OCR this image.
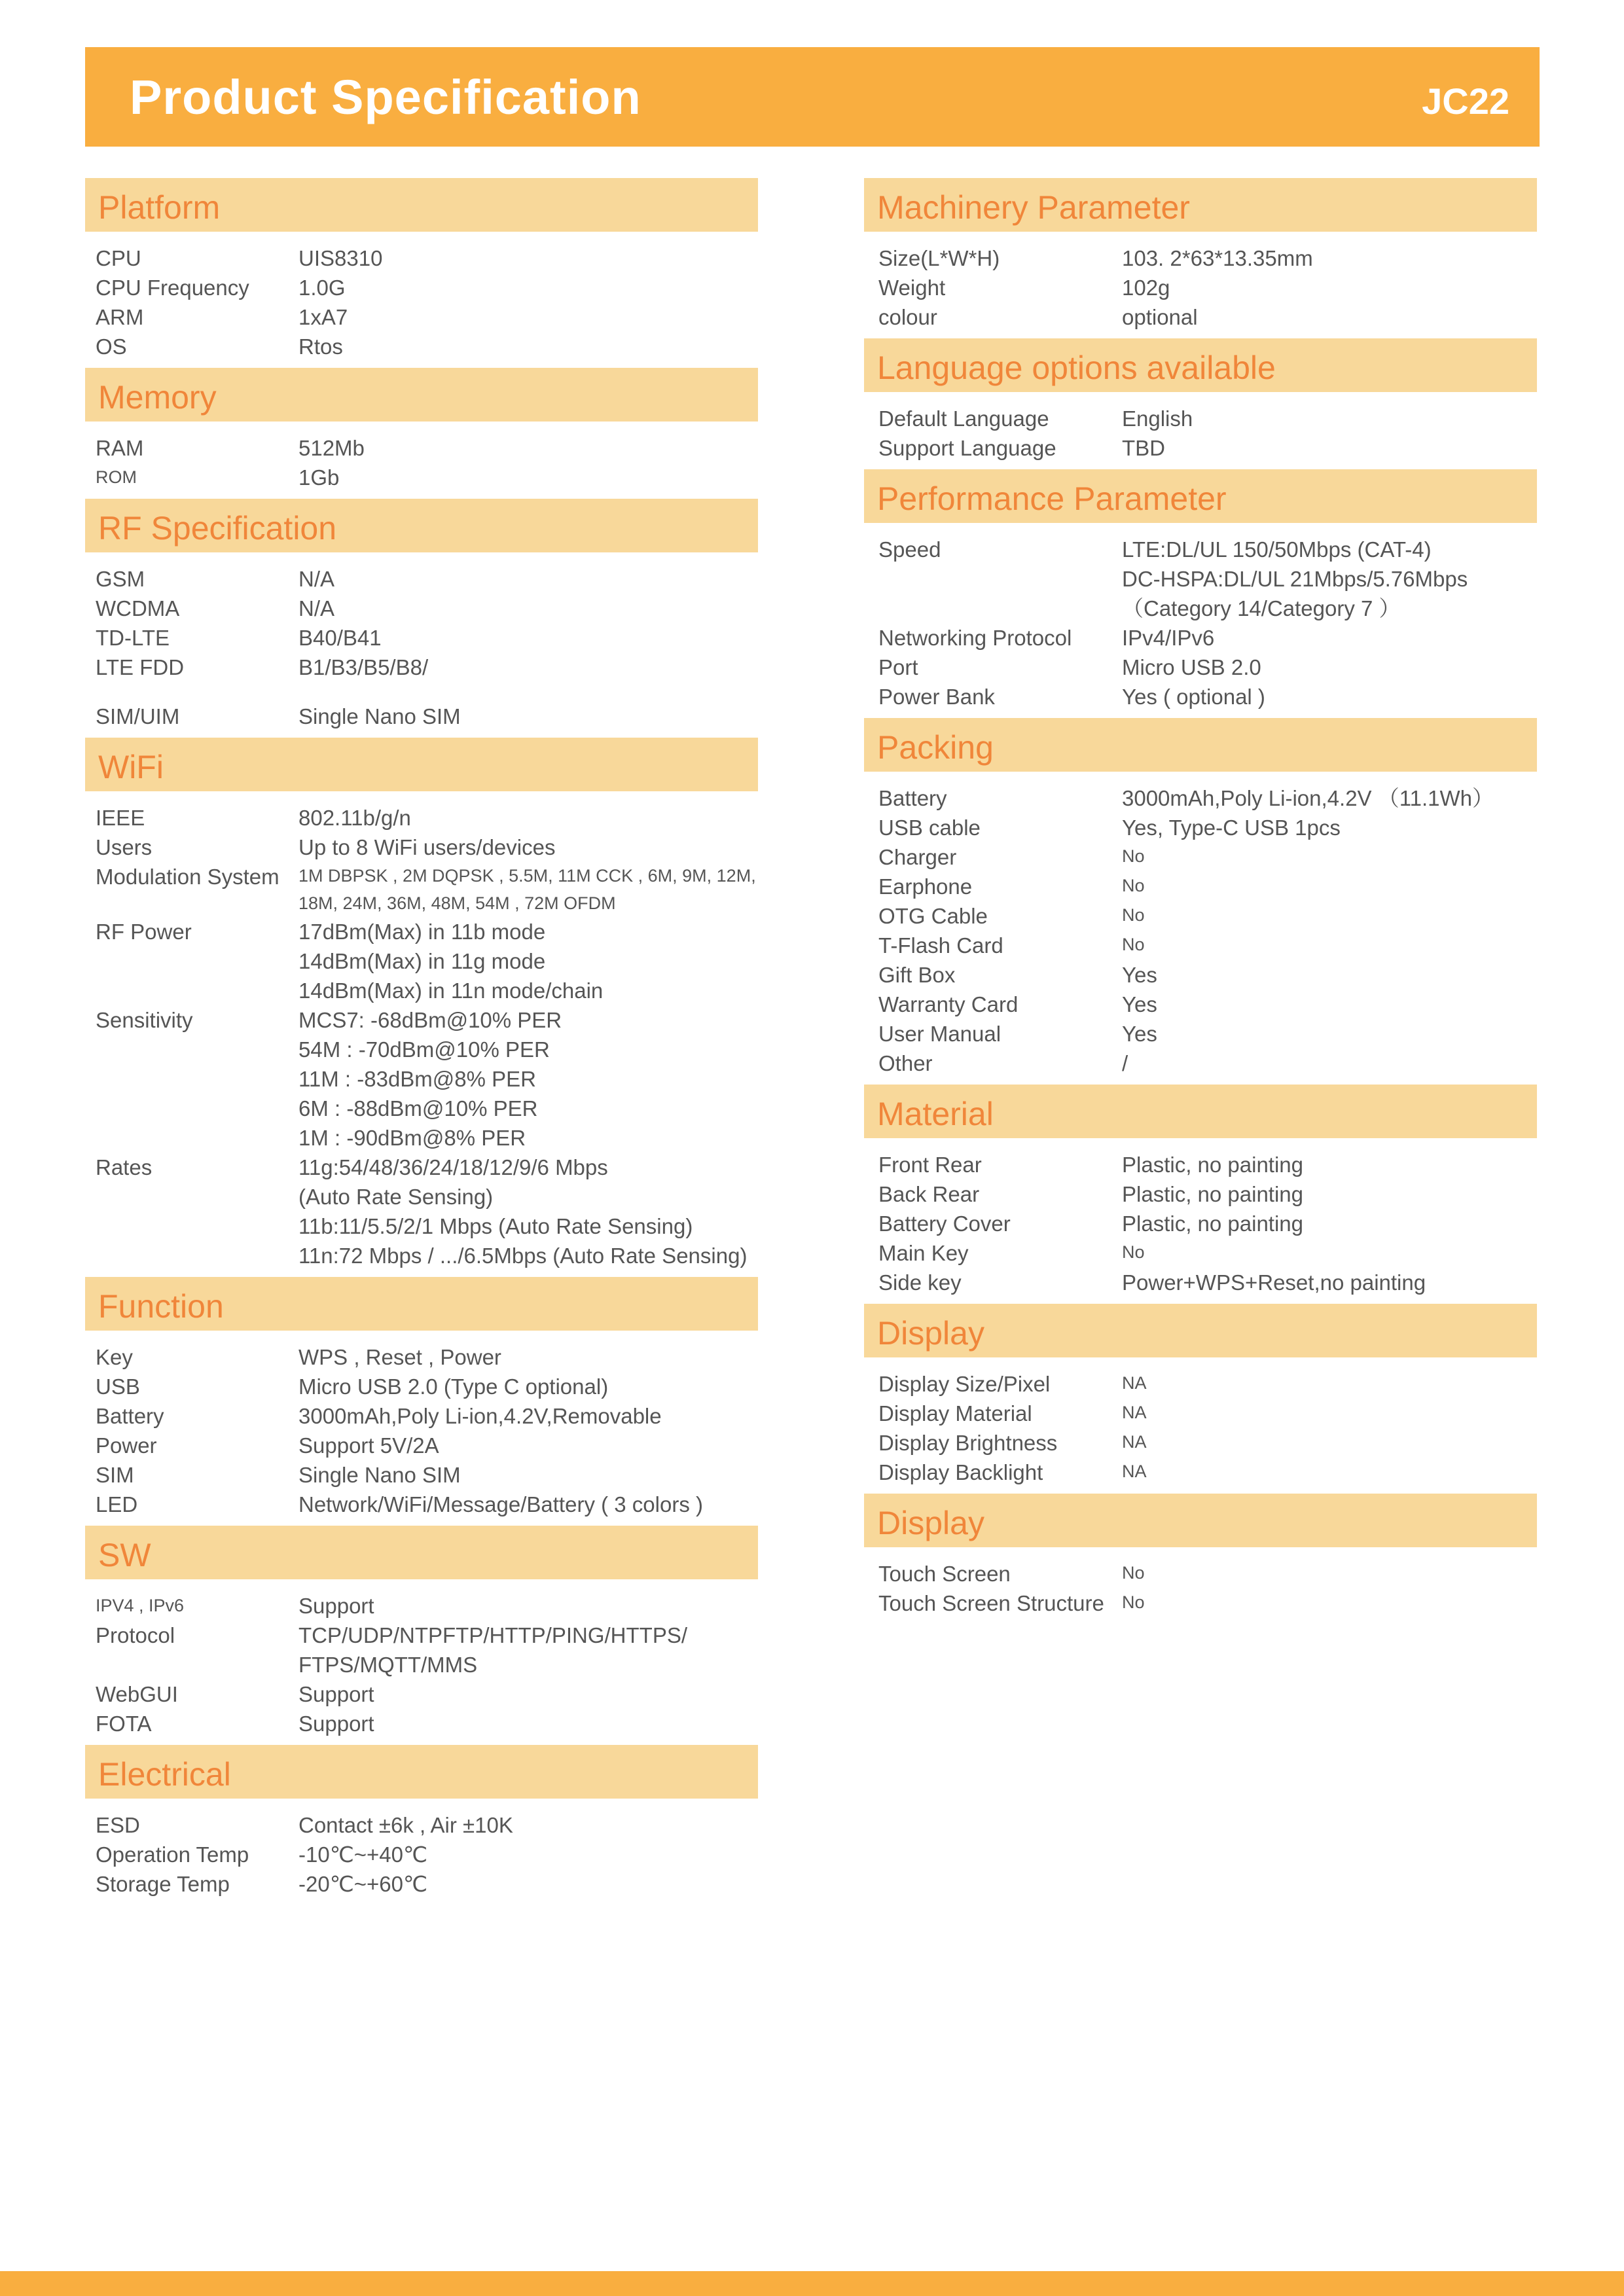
Product Specification	JC22
Platform
CPU	UIS8310
CPU Frequency	1.0G
ARM	1xA7
OS	Rtos
Memory
RAM	512Mb
ROM	1Gb
RF Specification
GSM	N/A
WCDMA	N/A
TD-LTE	B40/B41
LTE FDD	B1/B3/B5/B8/
SIM/UIM	Single Nano SIM
WiFi
IEEE	802.11b/g/n
Users	Up to 8 WiFi users/devices
Modulation System	1M DBPSK , 2M DQPSK , 5.5M, 11M CCK , 6M, 9M, 12M, 18M, 24M, 36M, 48M, 54M , 72M OFDM
RF Power	17dBm(Max) in 11b mode
14dBm(Max) in 11g mode
14dBm(Max) in 11n mode/chain
Sensitivity	MCS7: -68dBm@10% PER
54M : -70dBm@10% PER
11M : -83dBm@8% PER
6M : -88dBm@10% PER
1M : -90dBm@8% PER
Rates	11g:54/48/36/24/18/12/9/6 Mbps
(Auto Rate Sensing)
11b:11/5.5/2/1 Mbps (Auto Rate Sensing)
11n:72 Mbps / .../6.5Mbps (Auto Rate Sensing)
Function
Key	WPS , Reset , Power
USB	Micro USB 2.0 (Type C optional)
Battery	3000mAh,Poly Li-ion,4.2V,Removable
Power	Support 5V/2A
SIM	Single Nano SIM
LED	Network/WiFi/Message/Battery ( 3 colors )
SW
IPV4 , IPv6	Support
Protocol	TCP/UDP/NTPFTP/HTTP/PING/HTTPS/ FTPS/MQTT/MMS
WebGUI	Support
FOTA	Support
Electrical
ESD	Contact ±6k , Air ±10K
Operation Temp	-10℃~+40℃
Storage Temp	-20℃~+60℃
Machinery Parameter
Size(L*W*H)	103. 2*63*13.35mm
Weight	102g
colour	optional
Language options available
Default Language	English
Support Language	TBD
Performance Parameter
Speed	LTE:DL/UL 150/50Mbps (CAT-4)
DC-HSPA:DL/UL 21Mbps/5.76Mbps （Category 14/Category 7 ）
Networking Protocol	IPv4/IPv6
Port	Micro USB 2.0
Power Bank	Yes ( optional )
Packing
Battery	3000mAh,Poly Li-ion,4.2V （11.1Wh）
USB cable	Yes, Type-C USB 1pcs
Charger	No
Earphone	No
OTG Cable	No
T-Flash Card	No
Gift Box	Yes
Warranty Card	Yes
User Manual	Yes
Other	/
Material
Front Rear	Plastic, no painting
Back Rear	Plastic, no painting
Battery Cover	Plastic, no painting
Main Key	No
Side key	Power+WPS+Reset,no painting
Display
Display Size/Pixel	NA
Display Material	NA
Display Brightness	NA
Display Backlight	NA
Display
Touch Screen	No
Touch Screen Structure	No
